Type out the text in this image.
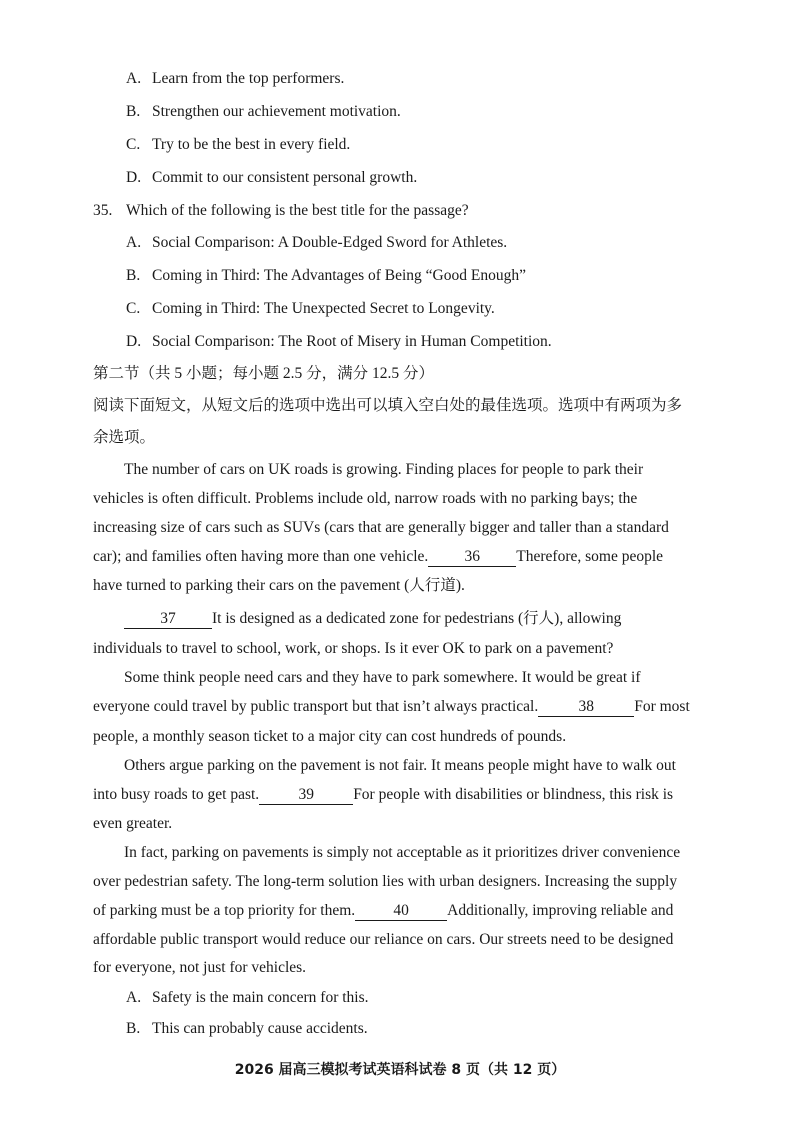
A. Learn from the top performers.
B. Strengthen our achievement motivation.
C. Try to be the best in every field.
D. Commit to our consistent personal growth.
35. Which of the following is the best title for the passage?
A. Social Comparison: A Double-Edged Sword for Athletes.
B. Coming in Third: The Advantages of Being “Good Enough”
C. Coming in Third: The Unexpected Secret to Longevity.
D. Social Comparison: The Root of Misery in Human Competition.
第二节（共 5 小题；每小题 2.5 分，满分 12.5 分）
阅读下面短文，从短文后的选项中选出可以填入空白处的最佳选项。选项中有两项为多
余选项。
The number of cars on UK roads is growing. Finding places for people to park their
vehicles is often difficult. Problems include old, narrow roads with no parking bays; the
increasing size of cars such as SUVs (cars that are generally bigger and taller than a standard
car); and families often having more than one vehicle. 36 Therefore, some people
have turned to parking their cars on the pavement (人行道).
37 It is designed as a dedicated zone for pedestrians (行人), allowing
individuals to travel to school, work, or shops. Is it ever OK to park on a pavement?
Some think people need cars and they have to park somewhere. It would be great if
everyone could travel by public transport but that isn’t always practical.	38	For most
people, a monthly season ticket to a major city can cost hundreds of pounds.
Others argue parking on the pavement is not fair. It means people might have to walk out
into busy roads to get past.	39	For people with disabilities or blindness, this risk is
even greater.
In fact, parking on pavements is simply not acceptable as it prioritizes driver convenience
over pedestrian safety. The long-term solution lies with urban designers. Increasing the supply
of parking must be a top priority for them. 40 Additionally, improving reliable and
affordable public transport would reduce our reliance on cars. Our streets need to be designed
for everyone, not just for vehicles.
A. Safety is the main concern for this.
B. This can probably cause accidents.
2026 届高三模拟考试英语科试卷 8 页（共 12 页）
